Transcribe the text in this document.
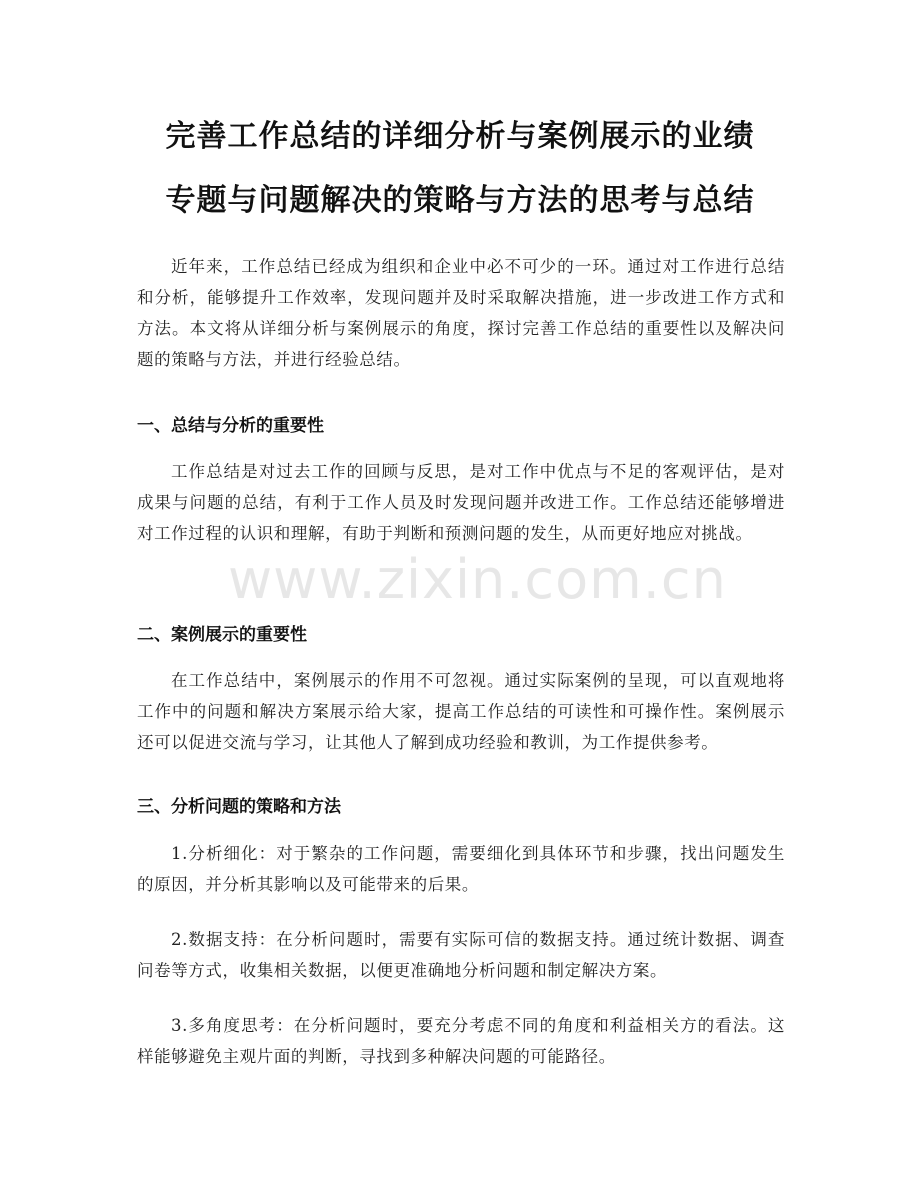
完善工作总结的详细分析与案例展示的业绩
专题与问题解决的策略与方法的思考与总结

近年来，工作总结已经成为组织和企业中必不可少的一环。通过对工作进行总结和分析，能够提升工作效率，发现问题并及时采取解决措施，进一步改进工作方式和方法。本文将从详细分析与案例展示的角度，探讨完善工作总结的重要性以及解决问题的策略与方法，并进行经验总结。

一、总结与分析的重要性

工作总结是对过去工作的回顾与反思，是对工作中优点与不足的客观评估，是对成果与问题的总结，有利于工作人员及时发现问题并改进工作。工作总结还能够增进对工作过程的认识和理解，有助于判断和预测问题的发生，从而更好地应对挑战。

二、案例展示的重要性

在工作总结中，案例展示的作用不可忽视。通过实际案例的呈现，可以直观地将工作中的问题和解决方案展示给大家，提高工作总结的可读性和可操作性。案例展示还可以促进交流与学习，让其他人了解到成功经验和教训，为工作提供参考。

三、分析问题的策略和方法

1.分析细化：对于繁杂的工作问题，需要细化到具体环节和步骤，找出问题发生的原因，并分析其影响以及可能带来的后果。

2.数据支持：在分析问题时，需要有实际可信的数据支持。通过统计数据、调查问卷等方式，收集相关数据，以便更准确地分析问题和制定解决方案。

3.多角度思考：在分析问题时，要充分考虑不同的角度和利益相关方的看法。这样能够避免主观片面的判断，寻找到多种解决问题的可能路径。

www.zixin.com.cn
